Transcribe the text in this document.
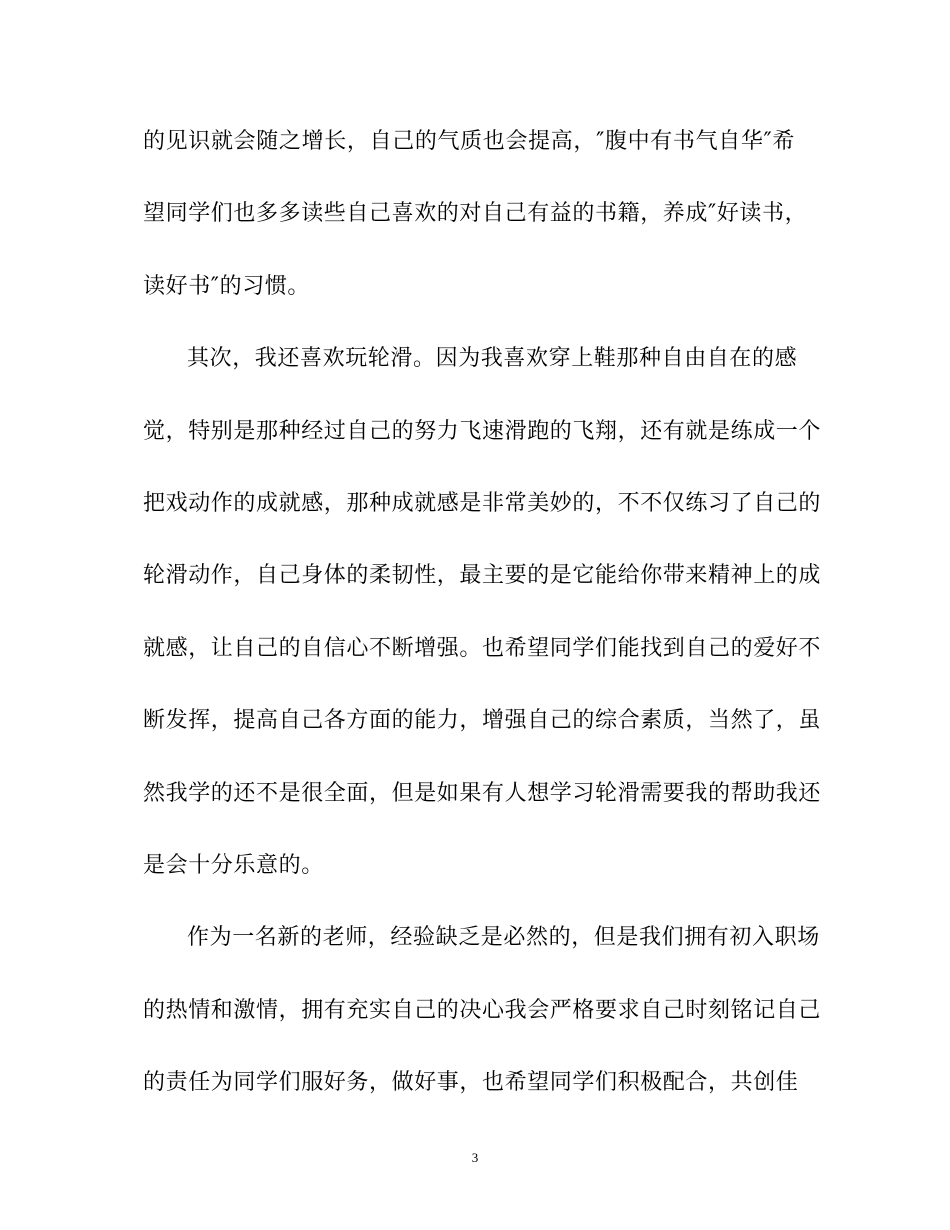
的见识就会随之增长，自己的气质也会提高，″腹中有书气自华″希
望同学们也多多读些自己喜欢的对自己有益的书籍，养成″好读书，
读好书″的习惯。
其次，我还喜欢玩轮滑。因为我喜欢穿上鞋那种自由自在的感
觉，特别是那种经过自己的努力飞速滑跑的飞翔，还有就是练成一个
把戏动作的成就感，那种成就感是非常美妙的，不不仅练习了自己的
轮滑动作，自己身体的柔韧性，最主要的是它能给你带来精神上的成
就感，让自己的自信心不断增强。也希望同学们能找到自己的爱好不
断发挥，提高自己各方面的能力，增强自己的综合素质，当然了，虽
然我学的还不是很全面，但是如果有人想学习轮滑需要我的帮助我还
是会十分乐意的。
作为一名新的老师，经验缺乏是必然的，但是我们拥有初入职场
的热情和激情，拥有充实自己的决心我会严格要求自己时刻铭记自己
的责任为同学们服好务，做好事，也希望同学们积极配合，共创佳
3
